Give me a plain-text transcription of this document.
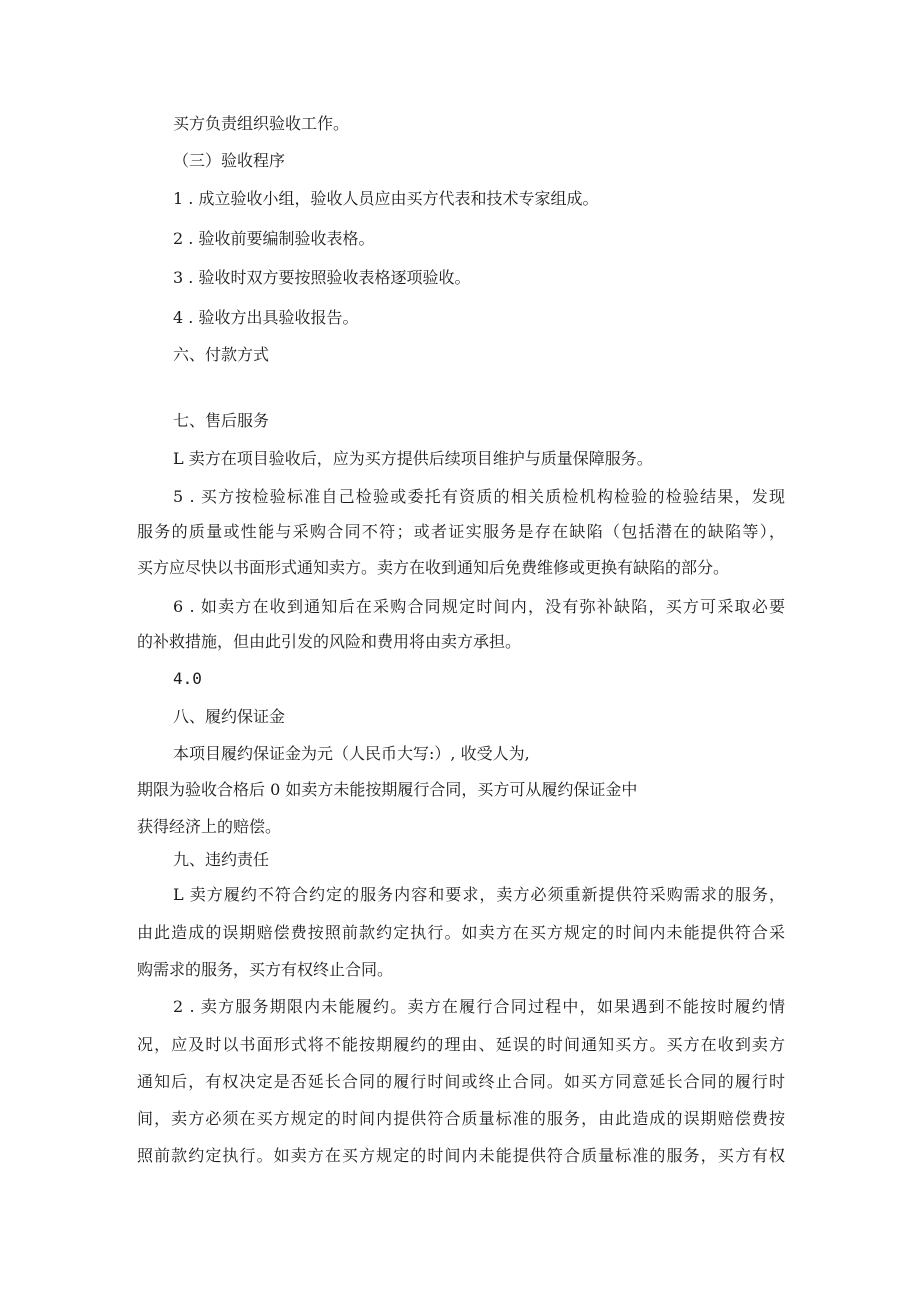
买方负责组织验收工作。
（三）验收程序
1 . 成立验收小组，验收人员应由买方代表和技术专家组成。
2 . 验收前要编制验收表格。
3 . 验收时双方要按照验收表格逐项验收。
4 . 验收方出具验收报告。
六、付款方式
七、售后服务
L 卖方在项目验收后，应为买方提供后续项目维护与质量保障服务。
5 . 买方按检验标准自己检验或委托有资质的相关质检机构检验的检验结果，发现
服务的质量或性能与采购合同不符；或者证实服务是存在缺陷（包括潜在的缺陷等），
买方应尽快以书面形式通知卖方。卖方在收到通知后免费维修或更换有缺陷的部分。
6 . 如卖方在收到通知后在采购合同规定时间内，没有弥补缺陷，买方可采取必要
的补救措施，但由此引发的风险和费用将由卖方承担。
4.0
八、履约保证金
本项目履约保证金为元（人民币大写:）, 收受人为,
期限为验收合格后 0 如卖方未能按期履行合同，买方可从履约保证金中
获得经济上的赔偿。
九、违约责任
L 卖方履约不符合约定的服务内容和要求，卖方必须重新提供符采购需求的服务，
由此造成的误期赔偿费按照前款约定执行。如卖方在买方规定的时间内未能提供符合采
购需求的服务，买方有权终止合同。
2 . 卖方服务期限内未能履约。卖方在履行合同过程中，如果遇到不能按时履约情
况，应及时以书面形式将不能按期履约的理由、延误的时间通知买方。买方在收到卖方
通知后，有权决定是否延长合同的履行时间或终止合同。如买方同意延长合同的履行时
间，卖方必须在买方规定的时间内提供符合质量标准的服务，由此造成的误期赔偿费按
照前款约定执行。如卖方在买方规定的时间内未能提供符合质量标准的服务，买方有权
